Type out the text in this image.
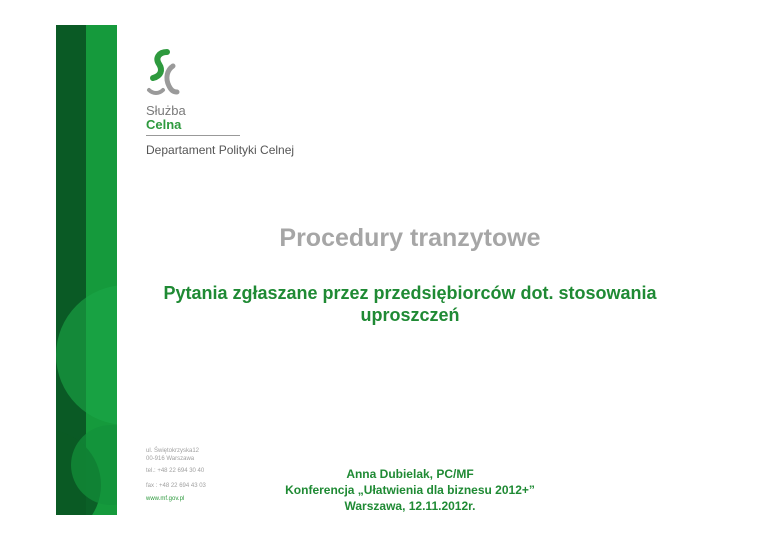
Służba
Celna
Departament Polityki Celnej
Procedury tranzytowe
Pytania zgłaszane przez przedsiębiorców dot. stosowania uproszczeń
ul. Świętokrzyska12
00-916 Warszawa
tel.: +48 22 694 30 40
fax : +48 22 694 43 03
www.mf.gov.pl
Anna Dubielak, PC/MF
Konferencja „Ułatwienia dla biznesu 2012+”
Warszawa, 12.11.2012r.
